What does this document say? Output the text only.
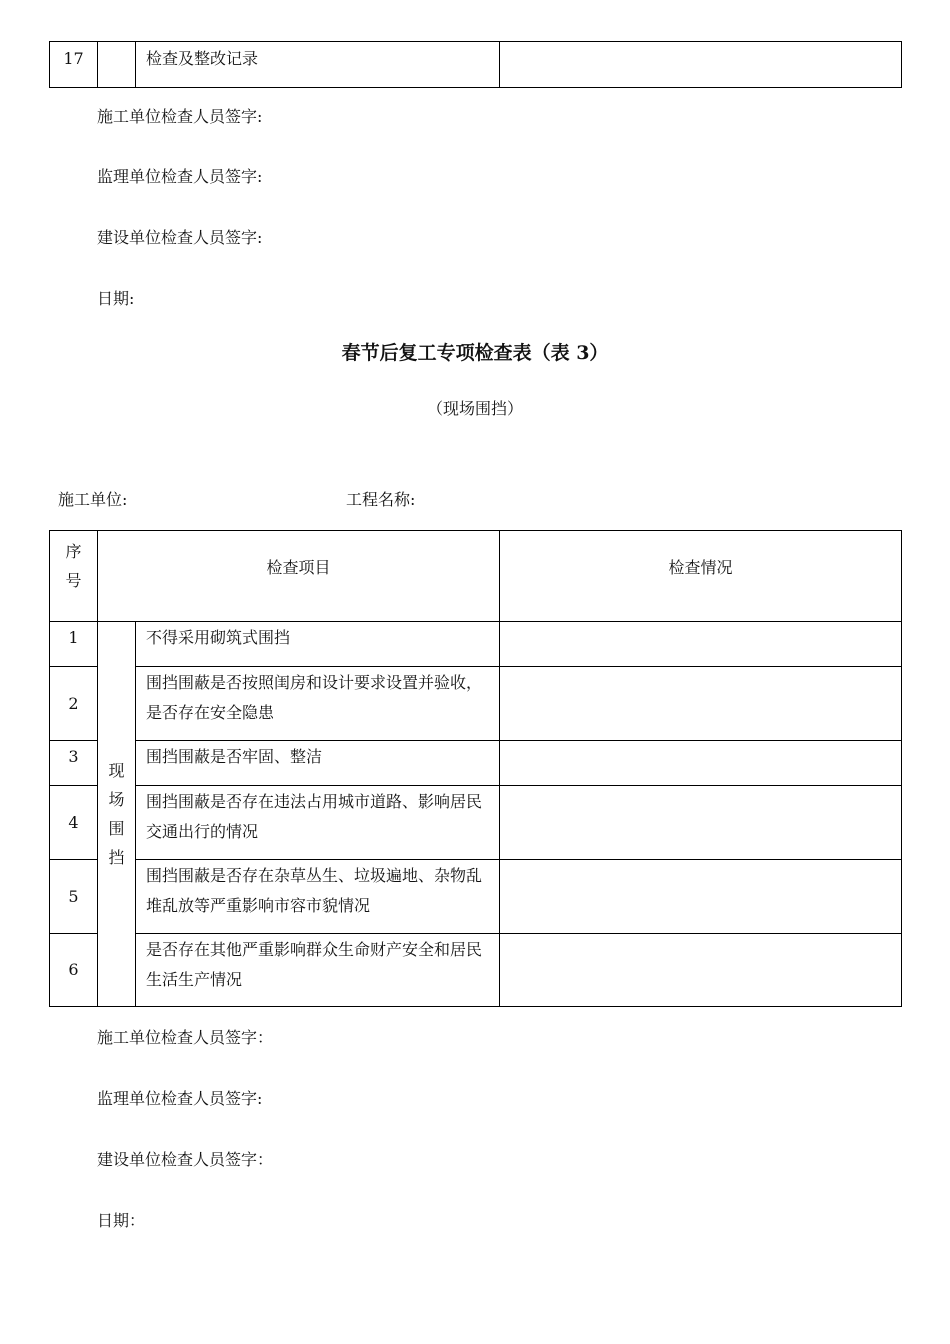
17		检查及整改记录	
施工单位检查人员签字:
监理单位检查人员签字:
建设单位检查人员签字:
日期:
春节后复工专项检查表（表 3）
（现场围挡）
施工单位:	工程名称:
序号	检查项目		检查情况
1	现场围挡	不得采用砌筑式围挡	
2		围挡围蔽是否按照闺房和设计要求设置并验收，是否存在安全隐患	
3		围挡围蔽是否牢固、整洁	
4		围挡围蔽是否存在违法占用城市道路、影响居民交通出行的情况	
5		围挡围蔽是否存在杂草丛生、垃圾遍地、杂物乱堆乱放等严重影响市容市貌情况	
6		是否存在其他严重影响群众生命财产安全和居民生活生产情况	
施工单位检查人员签字：
监理单位检查人员签字:
建设单位检查人员签字：
日期：
